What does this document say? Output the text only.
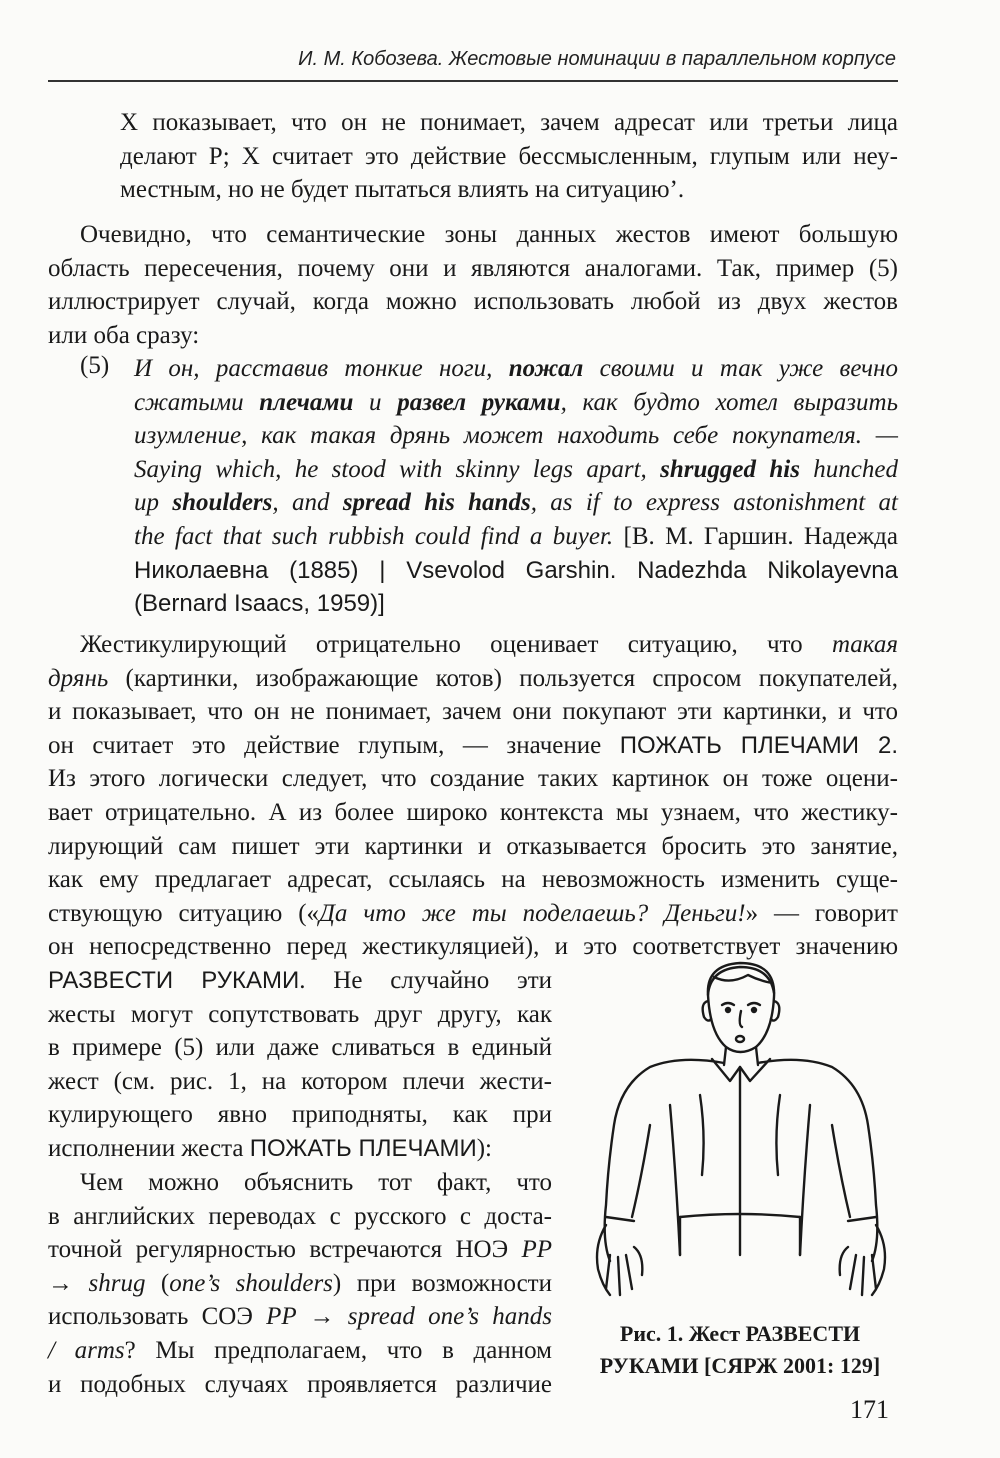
И. М. Кобозева. Жестовые номинации в параллельном корпусе
X показывает, что он не понимает, зачем адресат или третьи лица
делают P; X считает это действие бессмысленным, глупым или неу-
местным, но не будет пытаться влиять на ситуацию’.
Очевидно, что семантические зоны данных жестов имеют большую
область пересечения, почему они и являются аналогами. Так, пример (5)
иллюстрирует случай, когда можно использовать любой из двух жестов
или оба сразу:
(5) И он, расставив тонкие ноги, пожал своими и так уже вечно
сжатыми плечами и развел руками, как будто хотел выразить
изумление, как такая дрянь может находить себе покупателя. —
Saying which, he stood with skinny legs apart, shrugged his hunched
up shoulders, and spread his hands, as if to express astonishment at
the fact that such rubbish could find a buyer. [В. М. Гаршин. Надежда
Николаевна (1885) | Vsevolod Garshin. Nadezhda Nikolayevna
(Bernard Isaacs, 1959)]
Жестикулирующий отрицательно оценивает ситуацию, что такая
дрянь (картинки, изображающие котов) пользуется спросом покупателей,
и показывает, что он не понимает, зачем они покупают эти картинки, и что
он считает это действие глупым, — значение ПОЖАТЬ ПЛЕЧАМИ 2.
Из этого логически следует, что создание таких картинок он тоже оцени-
вает отрицательно. А из более широко контекста мы узнаем, что жестику-
лирующий сам пишет эти картинки и отказывается бросить это занятие,
как ему предлагает адресат, ссылаясь на невозможность изменить суще-
ствующую ситуацию («Да что же ты поделаешь? Деньги!» — говорит
он непосредственно перед жестикуляцией), и это соответствует значению
РАЗВЕСТИ РУКАМИ. Не случайно эти
жесты могут сопутствовать друг другу, как
в примере (5) или даже сливаться в единый
жест (см. рис. 1, на котором плечи жести-
кулирующего явно приподняты, как при
исполнении жеста ПОЖАТЬ ПЛЕЧАМИ):
Чем можно объяснить тот факт, что
в английских переводах с русского с доста-
точной регулярностью встречаются НОЭ PP
→ shrug (one’s shoulders) при возможности
использовать СОЭ PP → spread one’s hands
/ arms? Мы предполагаем, что в данном
и подобных случаях проявляется различие
Рис. 1. Жест РАЗВЕСТИ
РУКАМИ [СЯРЖ 2001: 129]
171
